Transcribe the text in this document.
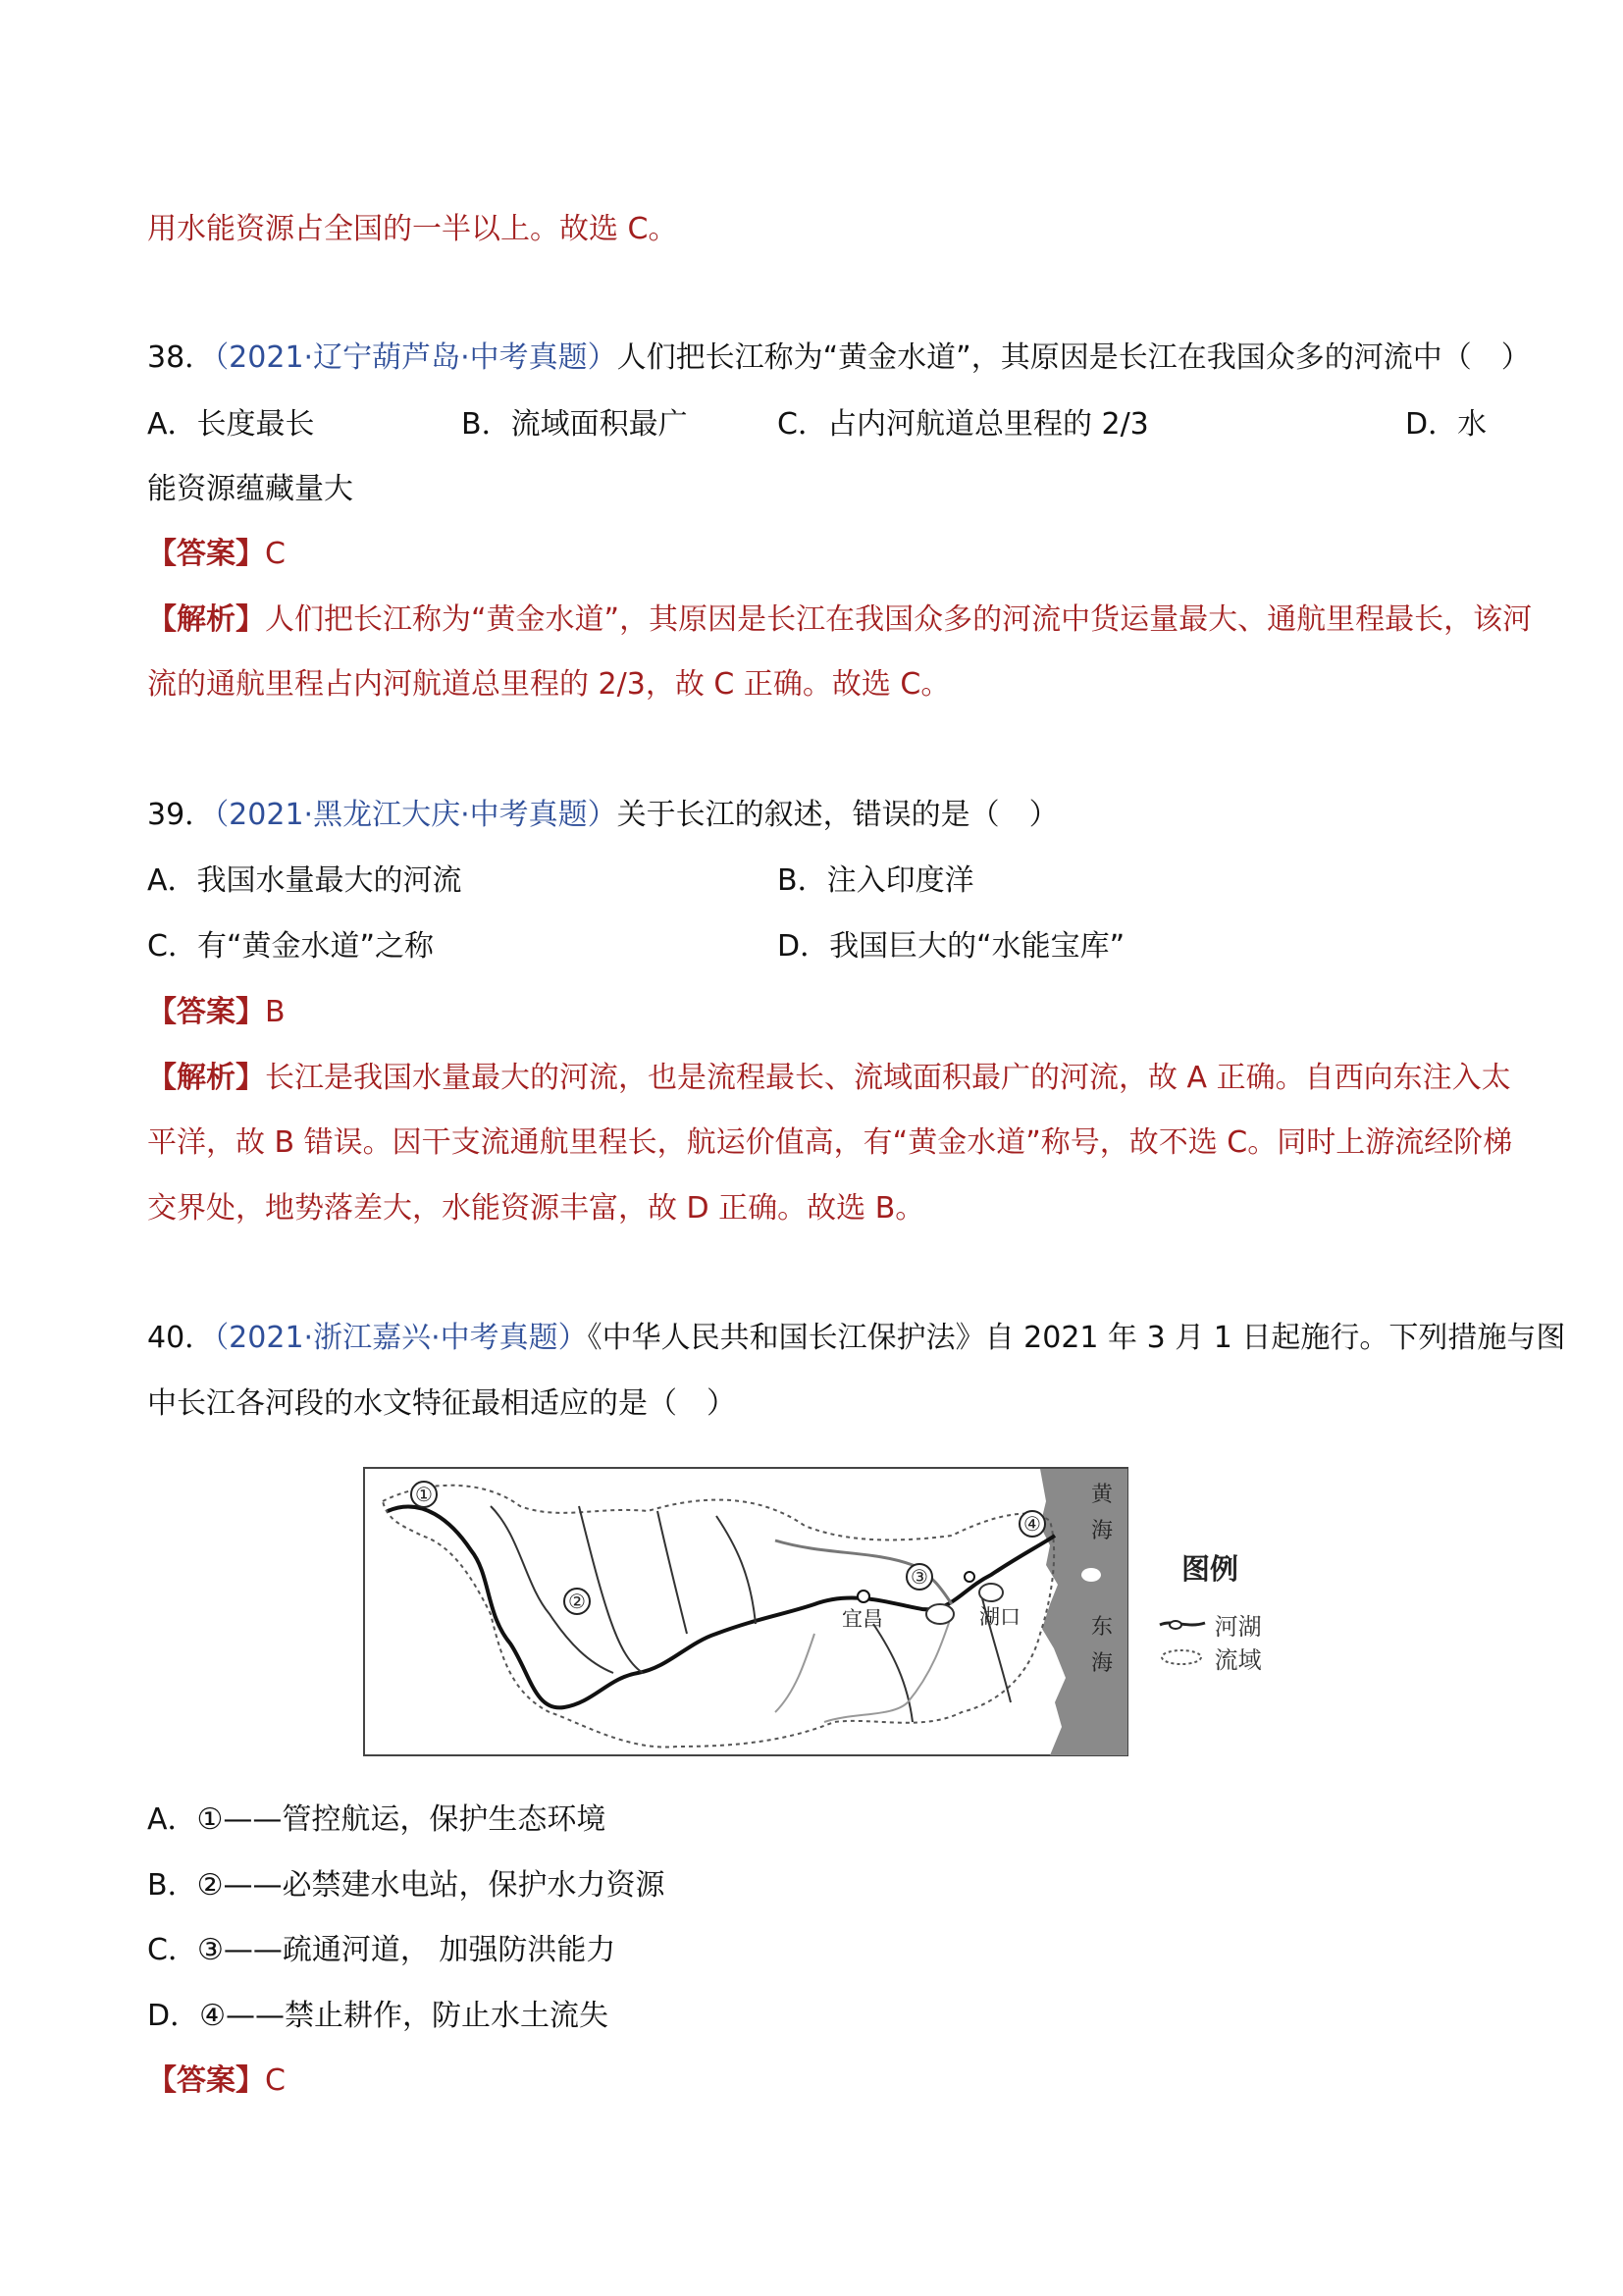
用水能资源占全国的一半以上。故选 C。
38．（2021·辽宁葫芦岛·中考真题）人们把长江称为“黄金水道”，其原因是长江在我国众多的河流中（　）
A．长度最长	B．流域面积最广	C．占内河航道总里程的 2/3	D．水
能资源蕴藏量大
【答案】C
【解析】人们把长江称为“黄金水道”，其原因是长江在我国众多的河流中货运量最大、通航里程最长，该河
流的通航里程占内河航道总里程的 2/3，故 C 正确。故选 C。
39．（2021·黑龙江大庆·中考真题）关于长江的叙述，错误的是（　）
A．我国水量最大的河流	B．注入印度洋
C．有“黄金水道”之称	D．我国巨大的“水能宝库”
【答案】B
【解析】长江是我国水量最大的河流，也是流程最长、流域面积最广的河流，故 A 正确。自西向东注入太
平洋，故 B 错误。因干支流通航里程长，航运价值高，有“黄金水道”称号，故不选 C。同时上游流经阶梯
交界处，地势落差大，水能资源丰富，故 D 正确。故选 B。
40．（2021·浙江嘉兴·中考真题）《中华人民共和国长江保护法》自 2021 年 3 月 1 日起施行。下列措施与图
中长江各河段的水文特征最相适应的是（　）
①
②
③
④
宜昌	湖口
黄
海
东
海
图例
河湖
流域
A．①——管控航运，保护生态环境
B．②——必禁建水电站，保护水力资源
C．③——疏通河道， 加强防洪能力
D．④——禁止耕作，防止水土流失
【答案】C
